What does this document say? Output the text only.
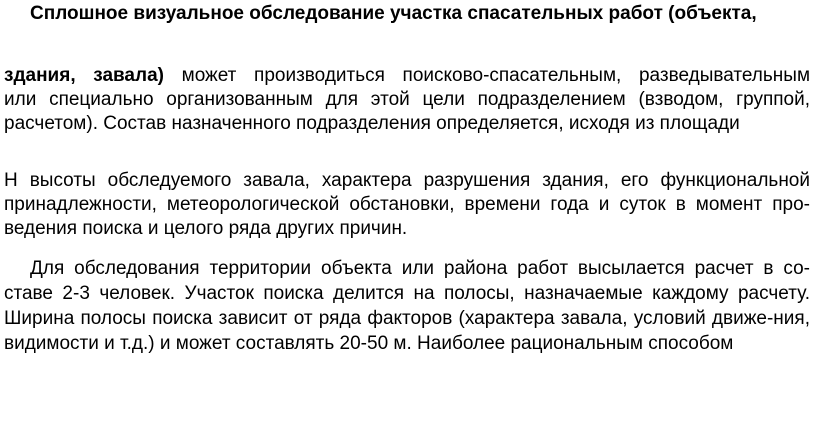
Сплошное визуальное обследование участка спасательных работ (объекта,
здания, завала) может производиться поисково-спасательным, разведывательным
или специально организованным для этой цели подразделением (взводом, группой,
расчетом). Состав назначенного подразделения определяется, исходя из площади
Н высоты обследуемого завала, характера разрушения здания, его функциональной
принадлежности, метеорологической обстановки, времени года и суток в момент про-
ведения поиска и целого ряда других причин.
Для обследования территории объекта или района работ высылается расчет в со-
ставе 2-3 человек. Участок поиска делится на полосы, назначаемые каждому расчету.
Ширина полосы поиска зависит от ряда факторов (характера завала, условий движе-ния,
видимости и т.д.) и может составлять 20-50 м. Наиболее рациональным способом
